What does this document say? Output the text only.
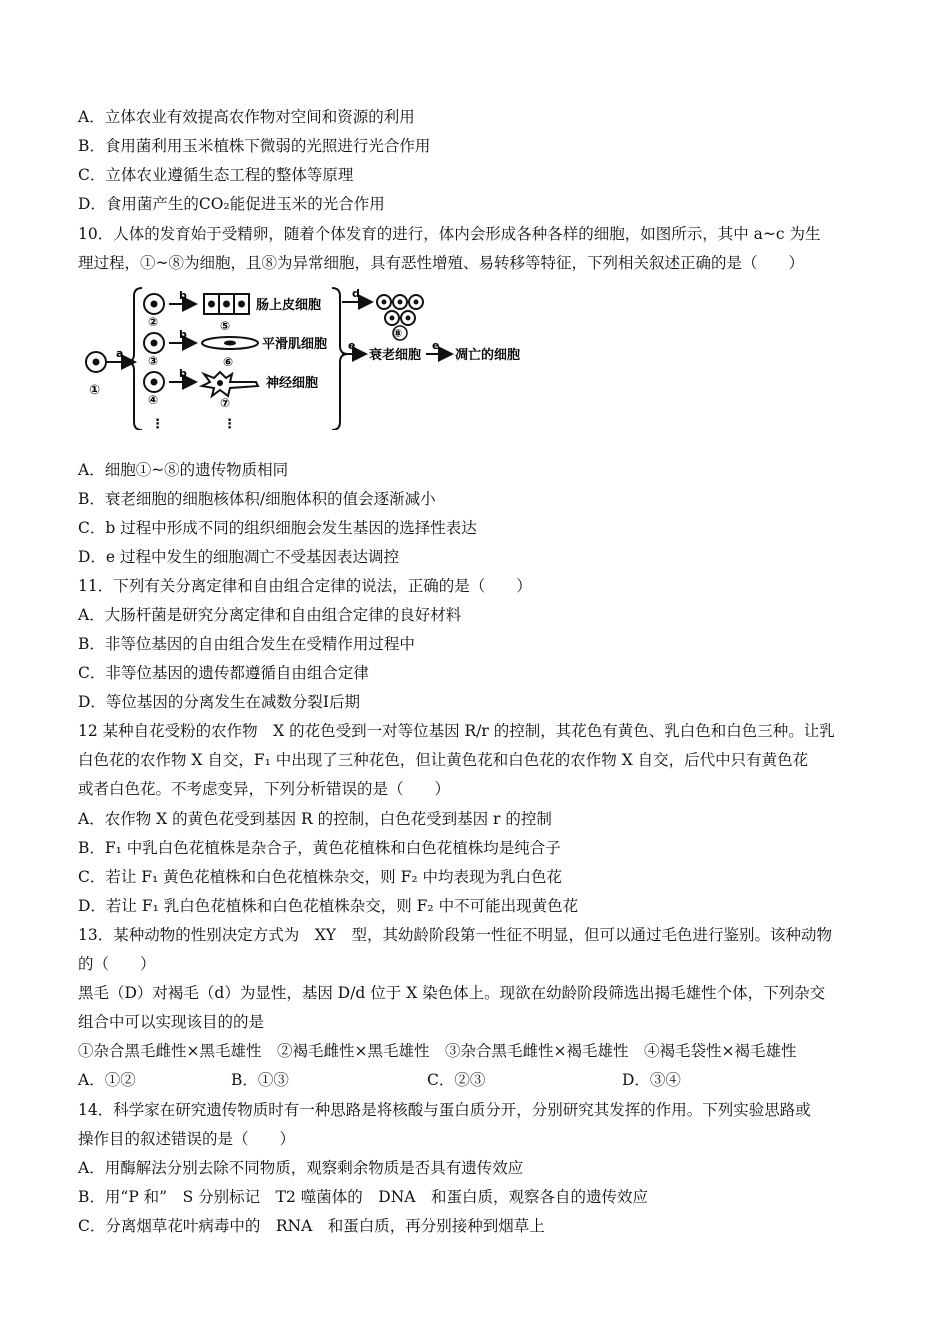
A．立体农业有效提高农作物对空间和资源的利用
B．食用菌利用玉米植株下微弱的光照进行光合作用
C．立体农业遵循生态工程的整体等原理
D．食用菌产生的CO₂能促进玉米的光合作用
10．人体的发育始于受精卵，随着个体发育的进行，体内会形成各种各样的细胞，如图所示，其中 a~c 为生
理过程，①~⑧为细胞，且⑧为异常细胞，具有恶性增殖、易转移等特征，下列相关叙述正确的是（　　）
①
a
②
③
④
⋮
b
b
b
⑤
肠上皮细胞
⑥
平滑肌细胞
⑦
⋮
神经细胞
d
⑧
e
衰老细胞
e
凋亡的细胞
A．细胞①~⑧的遗传物质相同
B．衰老细胞的细胞核体积/细胞体积的值会逐渐减小
C．b 过程中形成不同的组织细胞会发生基因的选择性表达
D．e 过程中发生的细胞凋亡不受基因表达调控
11．下列有关分离定律和自由组合定律的说法，正确的是（　　）
A．大肠杆菌是研究分离定律和自由组合定律的良好材料
B．非等位基因的自由组合发生在受精作用过程中
C．非等位基因的遗传都遵循自由组合定律
D．等位基因的分离发生在减数分裂Ⅰ后期
12 某种自花受粉的农作物　X 的花色受到一对等位基因 R/r 的控制，其花色有黄色、乳白色和白色三种。让乳
白色花的农作物 X 自交，F₁ 中出现了三种花色，但让黄色花和白色花的农作物 X 自交，后代中只有黄色花
或者白色花。不考虑变异，下列分析错误的是（　　）
A．农作物 X 的黄色花受到基因 R 的控制，白色花受到基因 r 的控制
B．F₁ 中乳白色花植株是杂合子，黄色花植株和白色花植株均是纯合子
C．若让 F₁ 黄色花植株和白色花植株杂交，则 F₂ 中均表现为乳白色花
D．若让 F₁ 乳白色花植株和白色花植株杂交，则 F₂ 中不可能出现黄色花
13．某种动物的性别决定方式为　XY　型，其幼龄阶段第一性征不明显，但可以通过毛色进行鉴别。该种动物
的（　　）
黑毛（D）对褐毛（d）为显性，基因 D/d 位于 X 染色体上。现欲在幼龄阶段筛选出揭毛雄性个体，下列杂交
组合中可以实现该目的的是
①杂合黑毛雌性×黑毛雄性　②褐毛雌性×黑毛雄性　③杂合黑毛雌性×褐毛雄性　④褐毛袋性×褐毛雄性
A．①②	B．①③	C．②③	D．③④
14．科学家在研究遗传物质时有一种思路是将核酸与蛋白质分开，分别研究其发挥的作用。下列实验思路或
操作目的叙述错误的是（　　）
A．用酶解法分别去除不同物质，观察剩余物质是否具有遗传效应
B．用“P 和”　S 分别标记　T2 噬菌体的　DNA　和蛋白质，观察各自的遗传效应
C．分离烟草花叶病毒中的　RNA　和蛋白质，再分别接种到烟草上
